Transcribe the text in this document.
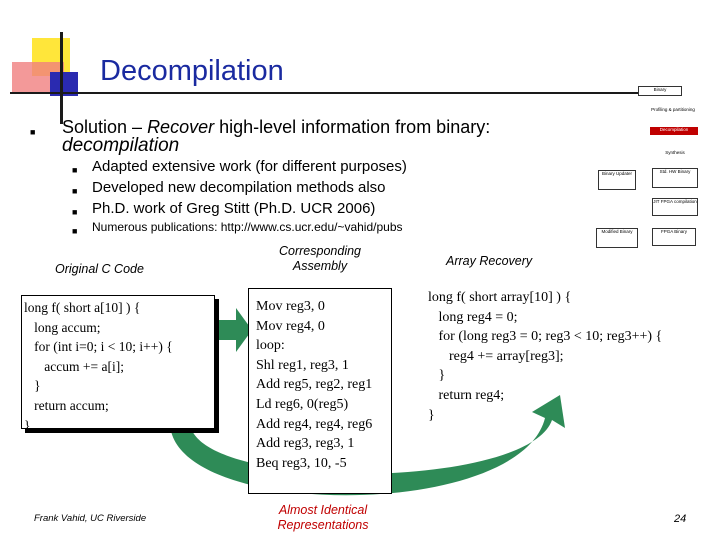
Decompilation
■ Solution – Recover high-level information from binary:
decompilation
■ Adapted extensive work (for different purposes)
■ Developed new decompilation methods also
■ Ph.D. work of Greg Stitt (Ph.D. UCR 2006)
■ Numerous publications: http://www.cs.ucr.edu/~vahid/pubs
Binary
Profiling & partitioning
Decompilation
Synthesis
Binary Updater	Std. HW Binary
JIT FPGA compilation
Modified Binary	FPGA Binary
Original C Code
Corresponding Assembly	Array Recovery
long f( short a[10] ) {
long accum;
for (int i=0; i < 10; i++) {
accum += a[i];
}
return accum;
}
Mov reg3, 0
Mov reg4, 0
loop:
Shl reg1, reg3, 1
Add reg5, reg2, reg1
Ld reg6, 0(reg5)
Add reg4, reg4, reg6
Add reg3, reg3, 1
Beq reg3, 10, -5
long f( short array[10] ) {
long reg4 = 0;
for (long reg3 = 0; reg3 < 10; reg3++) {
reg4 += array[reg3];
}
return reg4;
}
Frank Vahid, UC Riverside
Almost Identical Representations	24
